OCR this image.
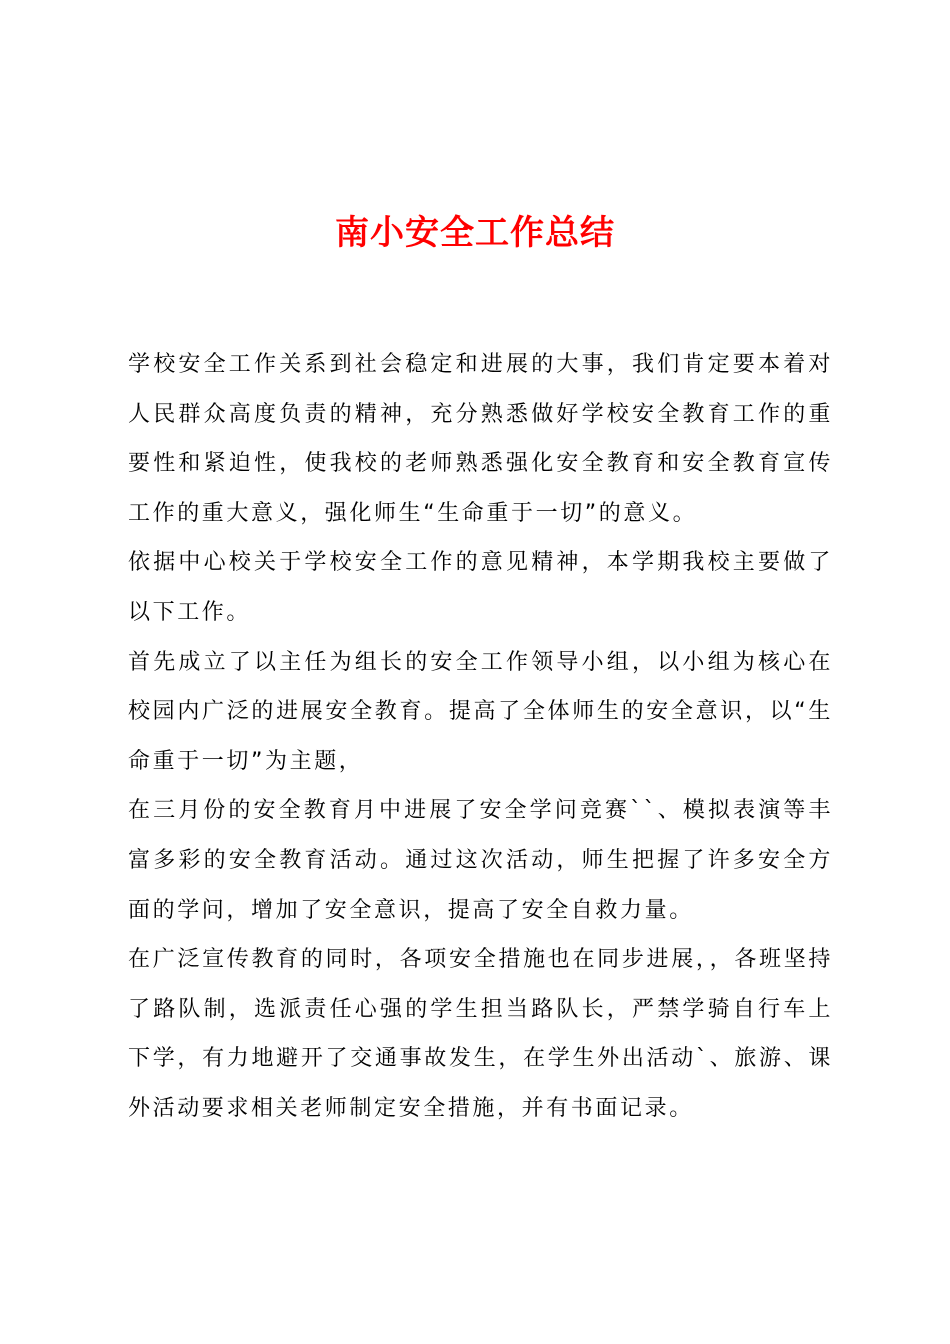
南小安全工作总结

学校安全工作关系到社会稳定和进展的大事，我们肯定要本着对人民群众高度负责的精神，充分熟悉做好学校安全教育工作的重要性和紧迫性，使我校的老师熟悉强化安全教育和安全教育宣传工作的重大意义，强化师生“生命重于一切”的意义。

依据中心校关于学校安全工作的意见精神，本学期我校主要做了以下工作。

首先成立了以主任为组长的安全工作领导小组，以小组为核心在校园内广泛的进展安全教育。提高了全体师生的安全意识，以“生命重于一切”为主题，

在三月份的安全教育月中进展了安全学问竞赛``、模拟表演等丰富多彩的安全教育活动。通过这次活动，师生把握了许多安全方面的学问，增加了安全意识，提高了安全自救力量。

在广泛宣传教育的同时，各项安全措施也在同步进展，，各班坚持了路队制，选派责任心强的学生担当路队长，严禁学骑自行车上下学，有力地避开了交通事故发生，在学生外出活动`、旅游、课外活动要求相关老师制定安全措施，并有书面记录。
